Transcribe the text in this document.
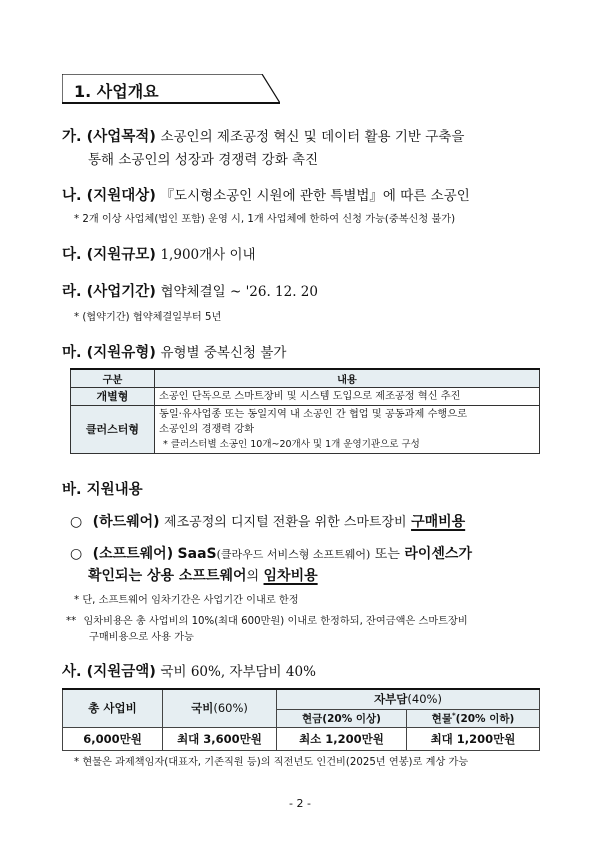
1. 사업개요
가. (사업목적) 소공인의 제조공정 혁신 및 데이터 활용 기반 구축을
통해 소공인의 성장과 경쟁력 강화 촉진
나. (지원대상) 『도시형소공인 시원에 관한 특별법』에 따른 소공인
* 2개 이상 사업체(법인 포함) 운영 시, 1개 사업체에 한하여 신청 가능(중복신청 불가)
다. (지원규모) 1,900개사 이내
라. (사업기간) 협약체결일 ~ '26. 12. 20
* (협약기간) 협약체결일부터 5년
마. (지원유형) 유형별 중복신청 불가
구분	내용
개별형	소공인 단독으로 스마트장비 및 시스템 도입으로 제조공정 혁신 추진
클러스터형	동일·유사업종 또는 동일지역 내 소공인 간 협업 및 공동과제 수행으로
소공인의 경쟁력 강화
* 클러스터별 소공인 10개~20개사 및 1개 운영기관으로 구성
바. 지원내용
○ (하드웨어) 제조공정의 디지털 전환을 위한 스마트장비 구매비용
○ (소프트웨어) SaaS(클라우드 서비스형 소프트웨어) 또는 라이센스가
확인되는 상용 소프트웨어의 임차비용
* 단, 소프트웨어 임차기간은 사업기간 이내로 한정
** 임차비용은 총 사업비의 10%(최대 600만원) 이내로 한정하되, 잔여금액은 스마트장비
구매비용으로 사용 가능
사. (지원금액) 국비 60%, 자부담비 40%
총 사업비	국비(60%)	자부담(40%)	
		현금(20% 이상)	현물*(20% 이하)
6,000만원	최대 3,600만원	최소 1,200만원	최대 1,200만원
* 현물은 과제책임자(대표자, 기존직원 등)의 직전년도 인건비(2025년 연봉)로 계상 가능
- 2 -
